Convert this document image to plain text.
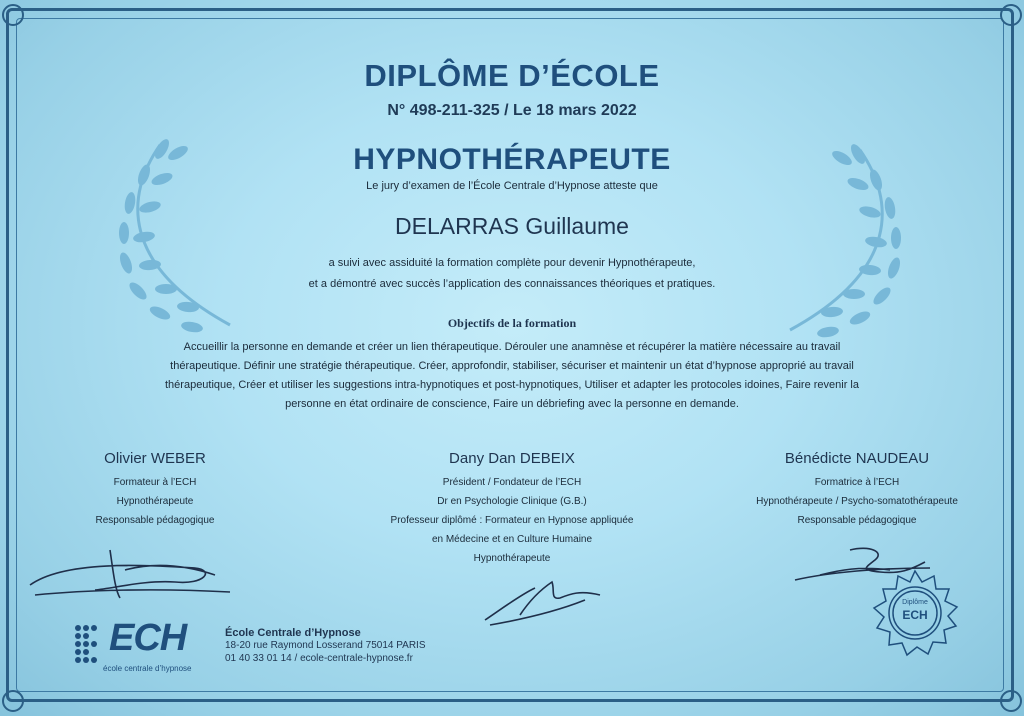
DIPLÔME D’ÉCOLE
N° 498-211-325 / Le 18 mars 2022
HYPNOTHÉRAPEUTE
Le jury d’examen de l’École Centrale d’Hypnose atteste que
DELARRAS Guillaume
a suivi avec assiduité la formation complète pour devenir Hypnothérapeute,
et a démontré avec succès l’application des connaissances théoriques et pratiques.
Objectifs de la formation
Accueillir la personne en demande et créer un lien thérapeutique. Dérouler une anamnèse et récupérer la matière nécessaire au travail thérapeutique. Définir une stratégie thérapeutique. Créer, approfondir, stabiliser, sécuriser et maintenir un état d’hypnose approprié au travail thérapeutique, Créer et utiliser les suggestions intra-hypnotiques et post-hypnotiques, Utiliser et adapter les protocoles idoines, Faire revenir la personne en état ordinaire de conscience, Faire un débriefing avec la personne en demande.
Olivier WEBER
Formateur à l’ECH
Hypnothérapeute
Responsable pédagogique
Dany Dan DEBEIX
Président / Fondateur de l’ECH
Dr en Psychologie Clinique (G.B.)
Professeur diplômé : Formateur en Hypnose appliquée
en Médecine et en Culture Humaine
Hypnothérapeute
Bénédicte NAUDEAU
Formatrice à l’ECH
Hypnothérapeute / Psycho-somatothérapeute
Responsable pédagogique
ECH
école centrale d’hypnose
École Centrale d’Hypnose
18-20 rue Raymond Losserand 75014 PARIS
01 40 33 01 14 / ecole-centrale-hypnose.fr
Diplôme
ECH
